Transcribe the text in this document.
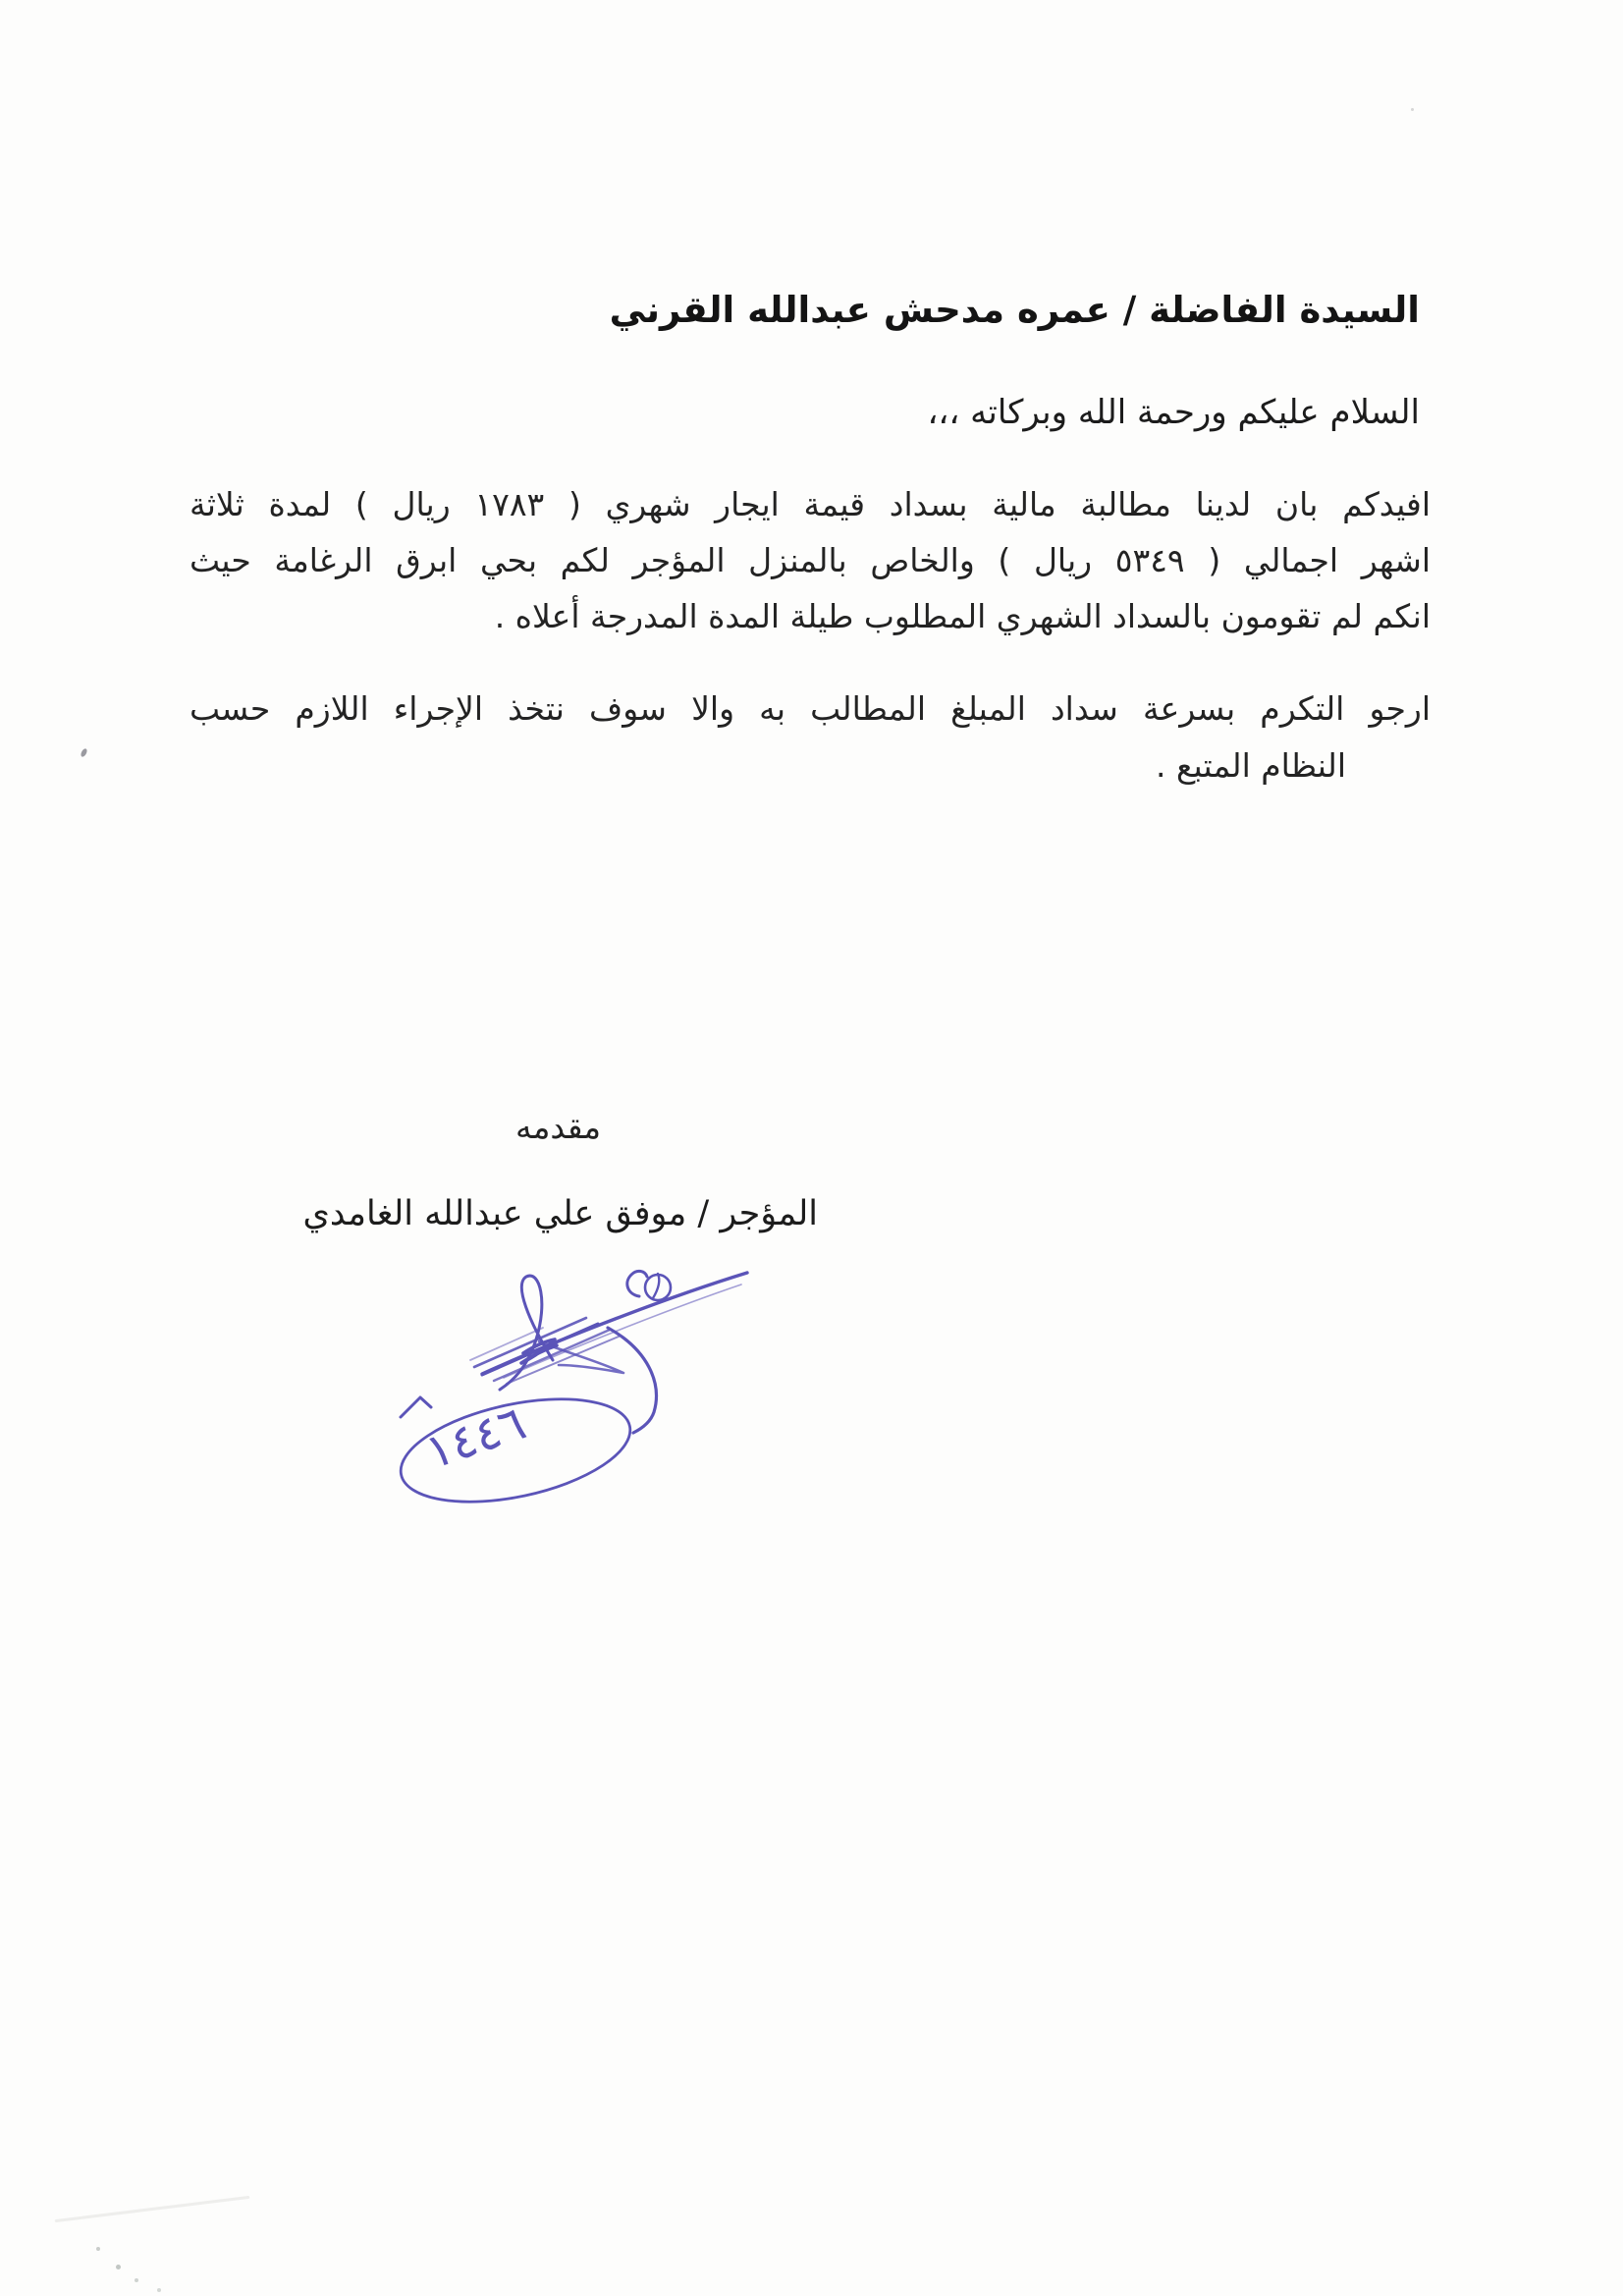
السيدة الفاضلة / عمره مدحش عبدالله القرني
السلام عليكم ورحمة الله وبركاته ،،،
افيدكم بان لدينا مطالبة مالية بسداد قيمة ايجار شهري ( ١٧٨٣ ريال ) لمدة ثلاثة
اشهر اجمالي ( ٥٣٤٩ ريال ) والخاص بالمنزل المؤجر لكم بحي ابرق الرغامة حيث
انكم لم تقومون بالسداد الشهري المطلوب طيلة المدة المدرجة أعلاه .
ارجو التكرم بسرعة سداد المبلغ المطالب به والا سوف نتخذ الإجراء اللازم حسب
النظام المتبع .
مقدمه
المؤجر / موفق علي عبدالله الغامدي
١٤٤٦
